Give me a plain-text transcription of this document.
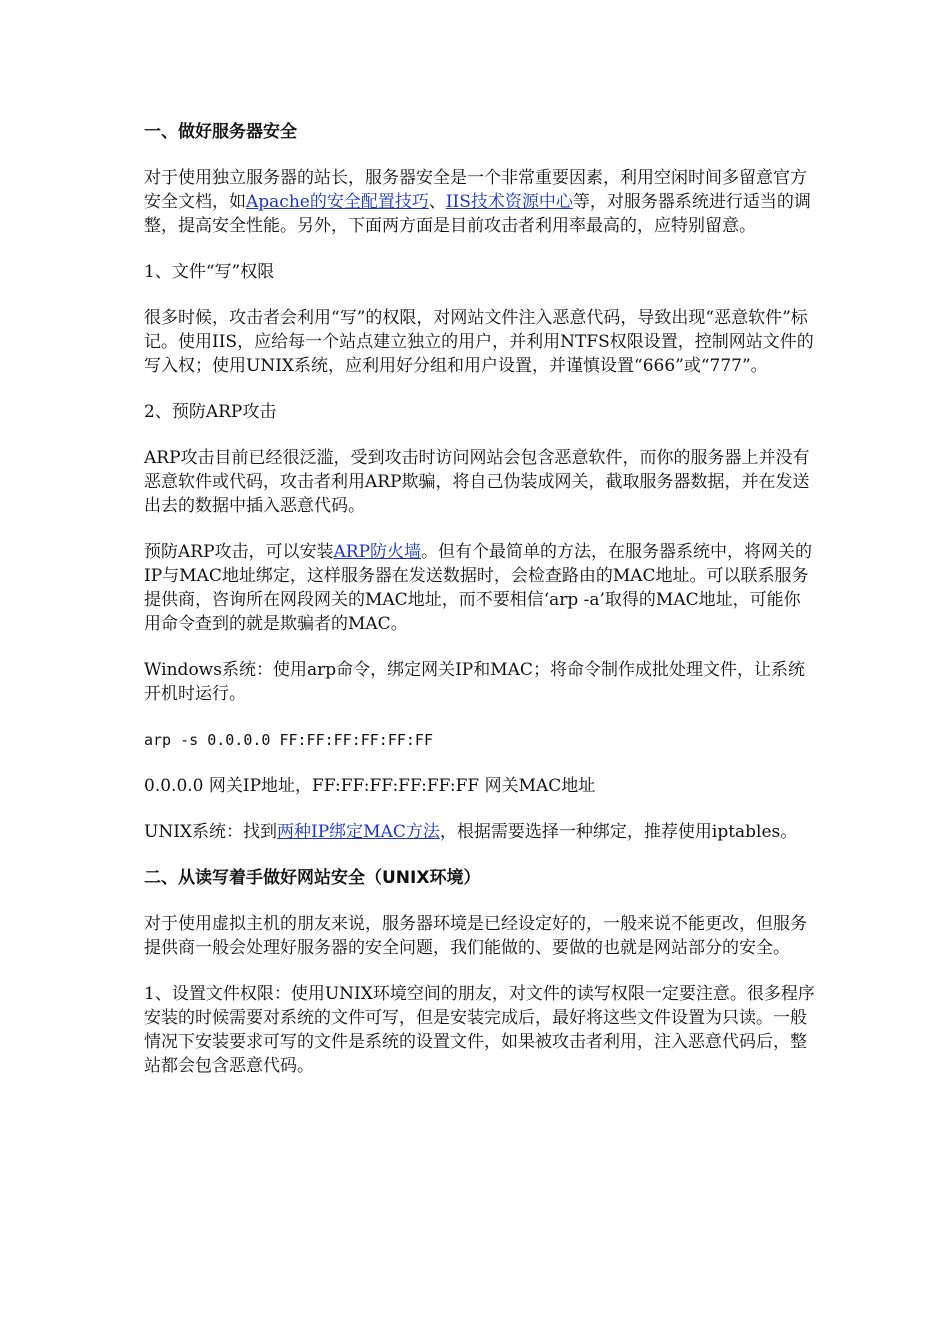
一、做好服务器安全

对于使用独立服务器的站长，服务器安全是一个非常重要因素，利用空闲时间多留意官方安全文档，如Apache的安全配置技巧、IIS技术资源中心等，对服务器系统进行适当的调整，提高安全性能。另外，下面两方面是目前攻击者利用率最高的，应特别留意。

1、文件“写”权限

很多时候，攻击者会利用“写”的权限，对网站文件注入恶意代码，导致出现“恶意软件”标记。使用IIS，应给每一个站点建立独立的用户，并利用NTFS权限设置，控制网站文件的写入权；使用UNIX系统，应利用好分组和用户设置，并谨慎设置“666”或“777”。

2、预防ARP攻击

ARP攻击目前已经很泛滥，受到攻击时访问网站会包含恶意软件，而你的服务器上并没有恶意软件或代码，攻击者利用ARP欺骗，将自己伪装成网关，截取服务器数据，并在发送出去的数据中插入恶意代码。

预防ARP攻击，可以安装ARP防火墙。但有个最简单的方法，在服务器系统中，将网关的IP与MAC地址绑定，这样服务器在发送数据时，会检查路由的MAC地址。可以联系服务提供商，咨询所在网段网关的MAC地址，而不要相信‘arp -a’取得的MAC地址，可能你用命令查到的就是欺骗者的MAC。

Windows系统：使用arp命令，绑定网关IP和MAC；将命令制作成批处理文件，让系统开机时运行。

arp -s 0.0.0.0 FF:FF:FF:FF:FF:FF

0.0.0.0 网关IP地址，FF:FF:FF:FF:FF:FF 网关MAC地址

UNIX系统：找到两种IP绑定MAC方法，根据需要选择一种绑定，推荐使用iptables。

二、从读写着手做好网站安全（UNIX环境）

对于使用虚拟主机的朋友来说，服务器环境是已经设定好的，一般来说不能更改，但服务提供商一般会处理好服务器的安全问题，我们能做的、要做的也就是网站部分的安全。

1、设置文件权限：使用UNIX环境空间的朋友，对文件的读写权限一定要注意。很多程序安装的时候需要对系统的文件可写，但是安装完成后，最好将这些文件设置为只读。一般情况下安装要求可写的文件是系统的设置文件，如果被攻击者利用，注入恶意代码后，整站都会包含恶意代码。
